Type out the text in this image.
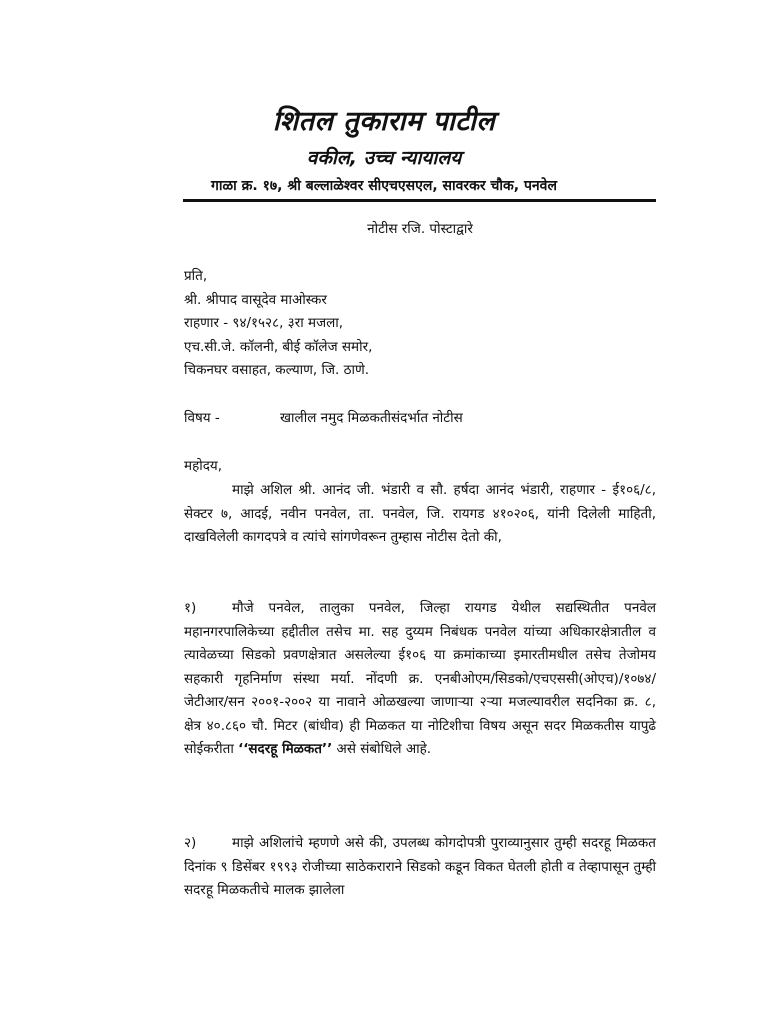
शितल तुकाराम पाटील
वकील, उच्च न्यायालय
गाळा क्र. १७, श्री बल्लाळेश्वर सीएचएसएल, सावरकर चौक, पनवेल
नोटीस रजि. पोस्टाद्वारे
प्रति,
श्री. श्रीपाद वासूदेव माओस्कर
राहणार - ९४/१५२८, ३रा मजला,
एच.सी.जे. कॉलनी, बीई कॉलेज समोर,
चिकनघर वसाहत, कल्याण, जि. ठाणे.
विषय -	खालील नमुद मिळकतीसंदर्भात नोटीस
महोदय,
माझे अशिल श्री. आनंद जी. भंडारी व सौ. हर्षदा आनंद भंडारी, राहणार - ई१०६/८, सेक्टर ७, आदई, नवीन पनवेल, ता. पनवेल, जि. रायगड ४१०२०६, यांनी दिलेली माहिती, दाखविलेली कागदपत्रे व त्यांचे सांगणेवरून तुम्हास नोटीस देतो की,
१)	मौजे पनवेल, तालुका पनवेल, जिल्हा रायगड येथील सद्यस्थितीत पनवेल महानगरपालिकेच्या हद्दीतील तसेच मा. सह दुय्यम निबंधक पनवेल यांच्या अधिकारक्षेत्रातील व त्यावेळच्या सिडको प्रवणक्षेत्रात असलेल्या ई१०६ या क्रमांकाच्या इमारतीमधील तसेच तेजोमय सहकारी गृहनिर्माण संस्था मर्या. नोंदणी क्र. एनबीओएम/सिडको/एचएससी(ओएच)/१०७४/जेटीआर/सन २००१-२००२ या नावाने ओळखल्या जाणाऱ्या २ऱ्या मजल्यावरील सदनिका क्र. ८, क्षेत्र ४०.८६० चौ. मिटर (बांधीव) ही मिळकत या नोटिशीचा विषय असून सदर मिळकतीस यापुढे सोईकरीता ‘‘सदरहू मिळकत’’ असे संबोधिले आहे.
२)	माझे अशिलांचे म्हणणे असे की, उपलब्ध कोगदोपत्री पुराव्यानुसार तुम्ही सदरहू मिळकत दिनांक ९ डिसेंबर १९९३ रोजीच्या साठेकराराने सिडको कडून विकत घेतली होती व तेव्हापासून तुम्ही सदरहू मिळकतीचे मालक झालेला
